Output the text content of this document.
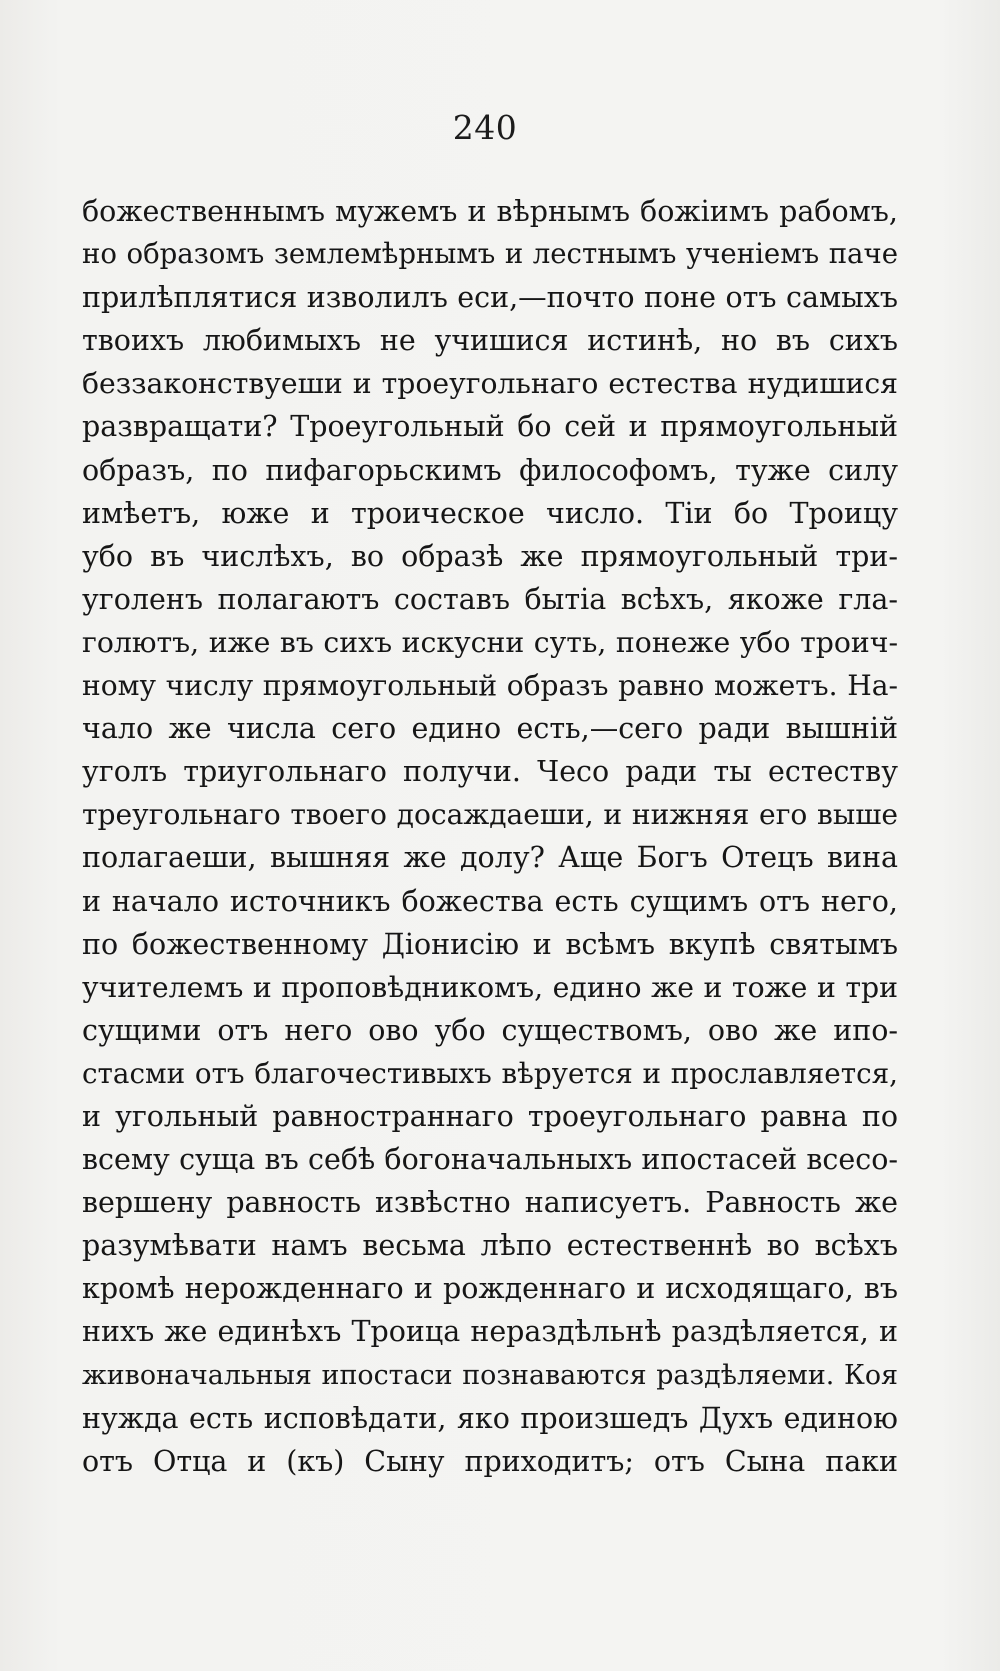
240
божественнымъ мужемъ и вѣрнымъ божiимъ рабомъ,
но образомъ землемѣрнымъ и лестнымъ ученiемъ паче
прилѣплятися изволилъ еси,—почто поне отъ самыхъ
твоихъ любимыхъ не учишися истинѣ, но въ сихъ
беззаконствуеши и троеугольнаго естества нудишися
развращати? Троеугольный бо сей и прямоугольный
образъ, по пифагорьскимъ философомъ, туже силу
имѣетъ, юже и троическое число. Тiи бо Троицу
убо въ числѣхъ, во образѣ же прямоугольный три-
уголенъ полагаютъ составъ бытiа всѣхъ, якоже гла-
голютъ, иже въ сихъ искусни суть, понеже убо троич-
ному числу прямоугольный образъ равно можетъ. На-
чало же числа сего едино есть,—сего ради вышнiй
уголъ триугольнаго получи. Чесо ради ты естеству
треугольнаго твоего досаждаеши, и нижняя его выше
полагаеши, вышняя же долу? Аще Богъ Отецъ вина
и начало источникъ божества есть сущимъ отъ него,
по божественному Дiонисiю и всѣмъ вкупѣ святымъ
учителемъ и проповѣдникомъ, едино же и тоже и три
сущими отъ него ово убо существомъ, ово же ипо-
стасми отъ благочестивыхъ вѣруется и прославляется,
и угольный равностраннаго троеугольнаго равна по
всему суща въ себѣ богоначальныхъ ипостасей всесо-
вершену равность извѣстно написуетъ. Равность же
разумѣвати намъ весьма лѣпо естественнѣ во всѣхъ
кромѣ нерожденнаго и рожденнаго и исходящаго, въ
нихъ же единѣхъ Троица нераздѣльнѣ раздѣляется, и
живоначальныя ипостаси познаваются раздѣляеми. Коя
нужда есть исповѣдати, яко произшедъ Духъ единою
отъ Отца и (къ) Сыну приходитъ; отъ Сына паки
